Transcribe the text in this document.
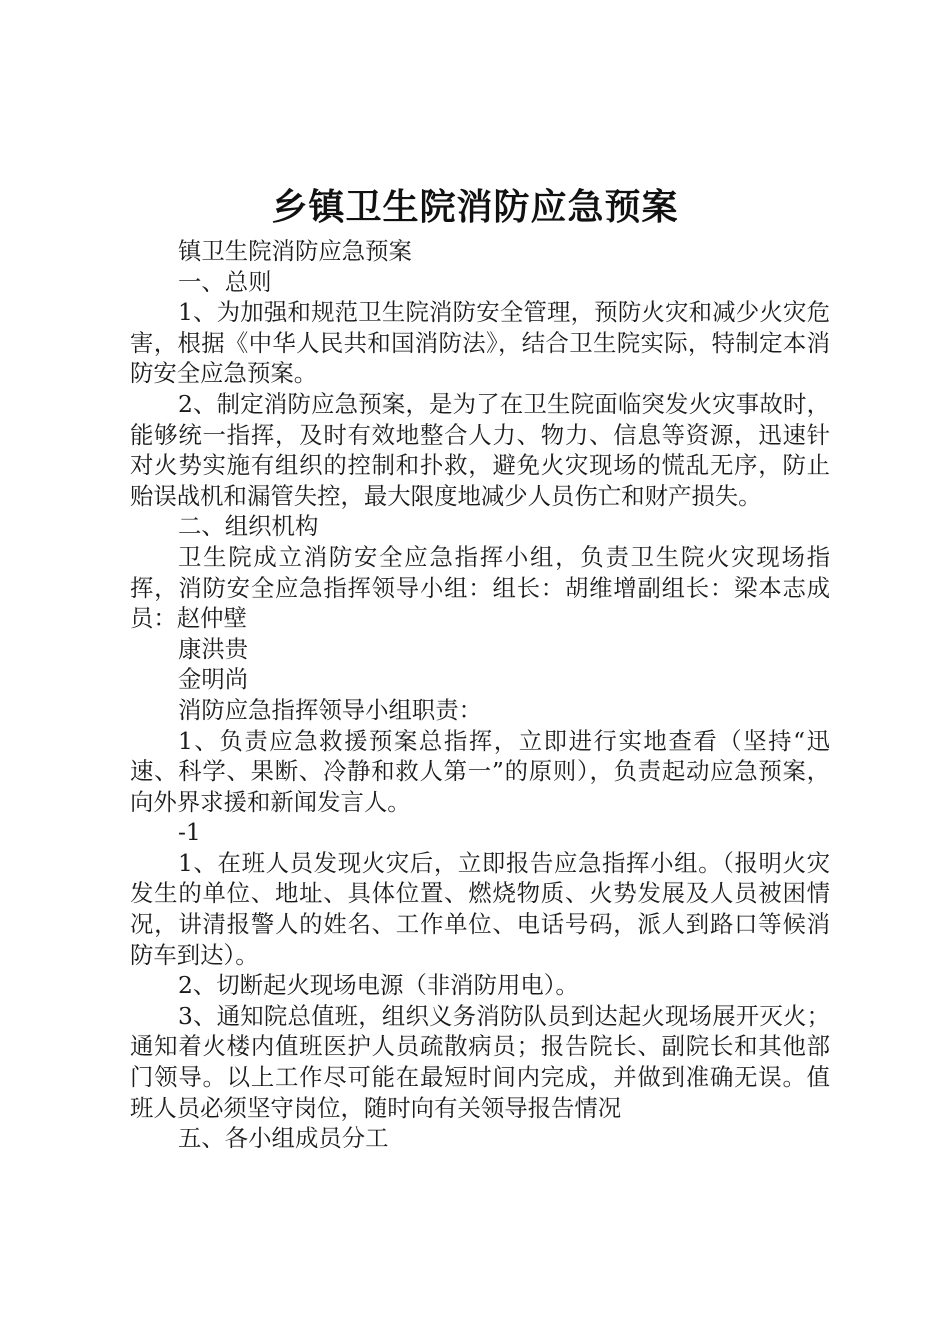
乡镇卫生院消防应急预案

镇卫生院消防应急预案

一、总则

1、为加强和规范卫生院消防安全管理，预防火灾和减少火灾危害，根据《中华人民共和国消防法》，结合卫生院实际，特制定本消防安全应急预案。

2、制定消防应急预案，是为了在卫生院面临突发火灾事故时，能够统一指挥，及时有效地整合人力、物力、信息等资源，迅速针对火势实施有组织的控制和扑救，避免火灾现场的慌乱无序，防止贻误战机和漏管失控，最大限度地减少人员伤亡和财产损失。

二、组织机构

卫生院成立消防安全应急指挥小组，负责卫生院火灾现场指挥，消防安全应急指挥领导小组：组长：胡维增副组长：梁本志成员：赵仲壁

康洪贵

金明尚

消防应急指挥领导小组职责：

1、负责应急救援预案总指挥，立即进行实地查看（坚持“迅速、科学、果断、冷静和救人第一”的原则），负责起动应急预案，向外界求援和新闻发言人。

-1

1、在班人员发现火灾后，立即报告应急指挥小组。（报明火灾发生的单位、地址、具体位置、燃烧物质、火势发展及人员被困情况，讲清报警人的姓名、工作单位、电话号码，派人到路口等候消防车到达）。

2、切断起火现场电源（非消防用电）。

3、通知院总值班，组织义务消防队员到达起火现场展开灭火；通知着火楼内值班医护人员疏散病员；报告院长、副院长和其他部门领导。以上工作尽可能在最短时间内完成，并做到准确无误。值班人员必须坚守岗位，随时向有关领导报告情况

五、各小组成员分工
